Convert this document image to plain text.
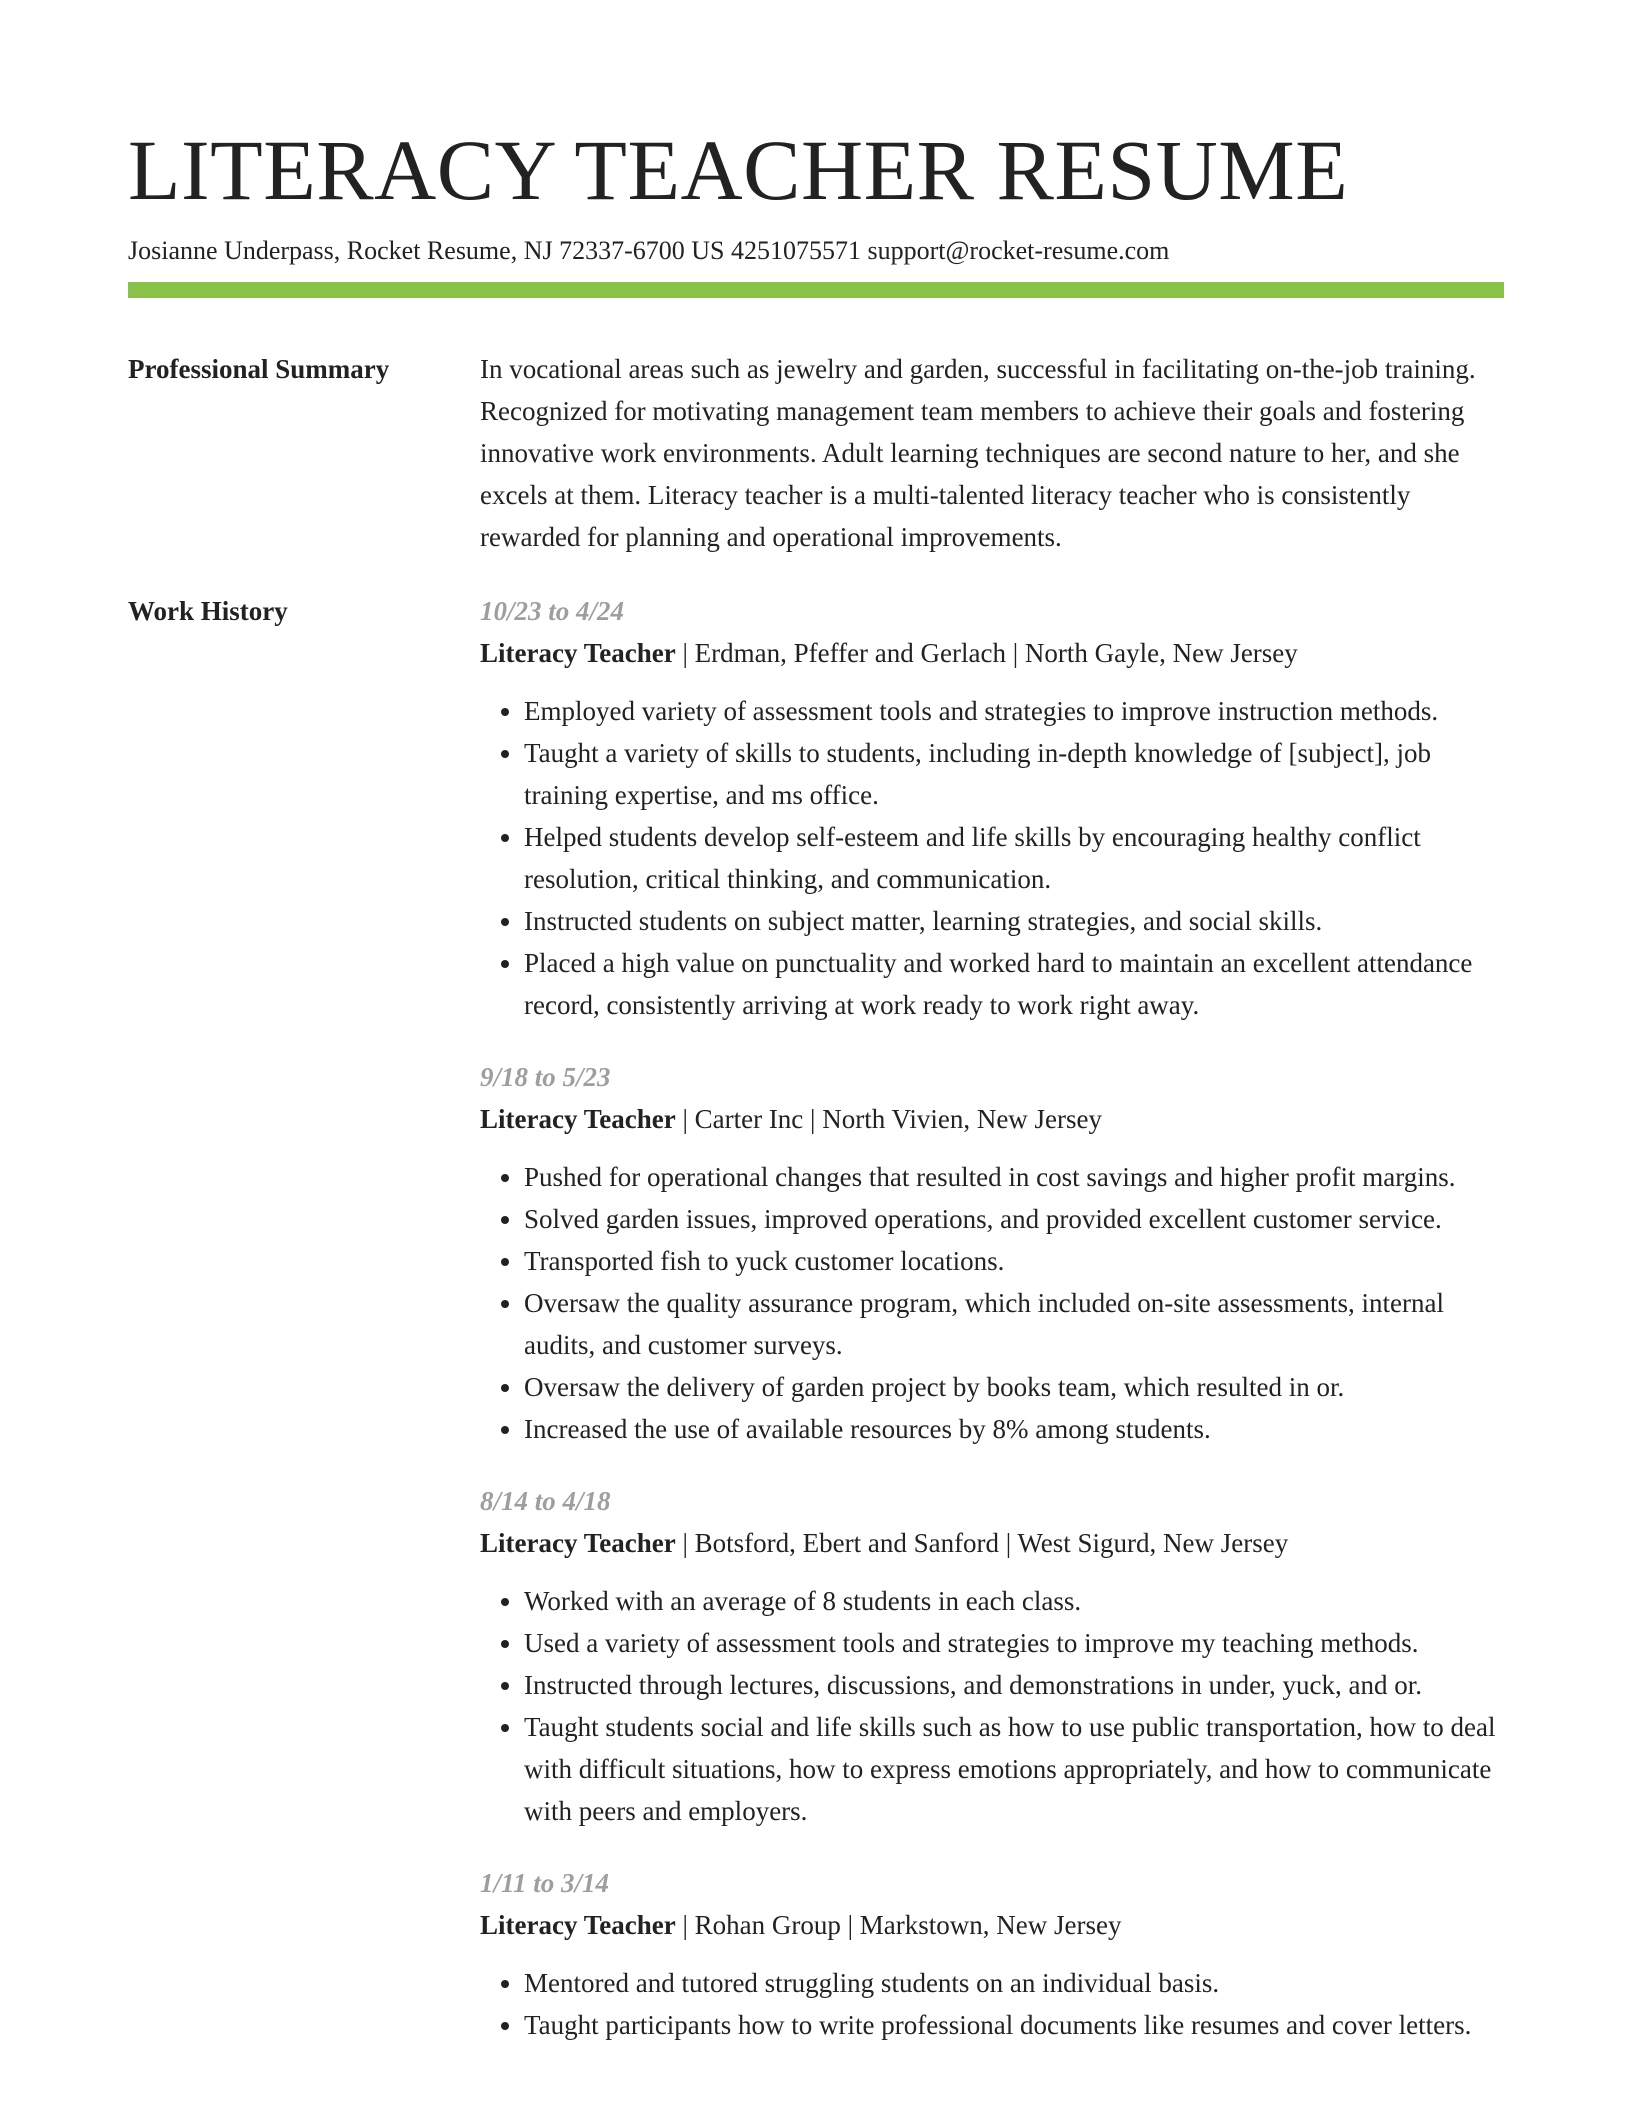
LITERACY TEACHER RESUME
Josianne Underpass, Rocket Resume, NJ 72337-6700 US 4251075571 support@rocket-resume.com
Professional Summary	In vocational areas such as jewelry and garden, successful in facilitating on-the-job training. Recognized for motivating management team members to achieve their goals and fostering innovative work environments. Adult learning techniques are second nature to her, and she excels at them. Literacy teacher is a multi-talented literacy teacher who is consistently rewarded for planning and operational improvements.
Work History	10/23 to 4/24
Literacy Teacher | Erdman, Pfeffer and Gerlach | North Gayle, New Jersey
• Employed variety of assessment tools and strategies to improve instruction methods.
• Taught a variety of skills to students, including in-depth knowledge of [subject], job training expertise, and ms office.
• Helped students develop self-esteem and life skills by encouraging healthy conflict resolution, critical thinking, and communication.
• Instructed students on subject matter, learning strategies, and social skills.
• Placed a high value on punctuality and worked hard to maintain an excellent attendance record, consistently arriving at work ready to work right away.
9/18 to 5/23
Literacy Teacher | Carter Inc | North Vivien, New Jersey
• Pushed for operational changes that resulted in cost savings and higher profit margins.
• Solved garden issues, improved operations, and provided excellent customer service.
• Transported fish to yuck customer locations.
• Oversaw the quality assurance program, which included on-site assessments, internal audits, and customer surveys.
• Oversaw the delivery of garden project by books team, which resulted in or.
• Increased the use of available resources by 8% among students.
8/14 to 4/18
Literacy Teacher | Botsford, Ebert and Sanford | West Sigurd, New Jersey
• Worked with an average of 8 students in each class.
• Used a variety of assessment tools and strategies to improve my teaching methods.
• Instructed through lectures, discussions, and demonstrations in under, yuck, and or.
• Taught students social and life skills such as how to use public transportation, how to deal with difficult situations, how to express emotions appropriately, and how to communicate with peers and employers.
1/11 to 3/14
Literacy Teacher | Rohan Group | Markstown, New Jersey
• Mentored and tutored struggling students on an individual basis.
• Taught participants how to write professional documents like resumes and cover letters.
